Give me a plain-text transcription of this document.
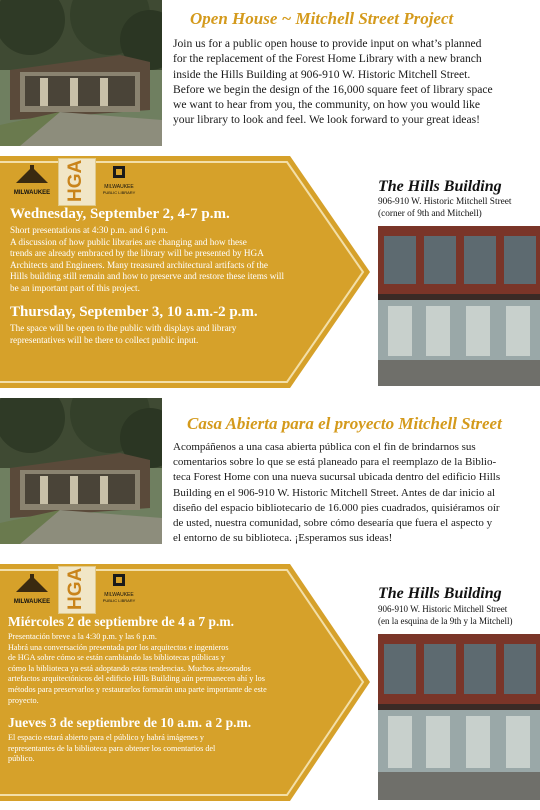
Open House ~ Mitchell Street Project
Join us for a public open house to provide input on what’s planned
for the replacement of the Forest Home Library with a new branch
inside the Hills Building at 906-910 W. Historic Mitchell Street.
Before we begin the design of the 16,000 square feet of library space
we want to hear from you, the community, on how you would like
your library to look and feel. We look forward to your great ideas!
MILWAUKEE HGA	MILWAUKEE
PUBLIC LIBRARY
Wednesday, September 2, 4-7 p.m.
Short presentations at 4:30 p.m. and 6 p.m.
A discussion of how public libraries are changing and how these
trends are already embraced by the library will be presented by HGA
Architects and Engineers. Many treasured architectural artifacts of the
Hills building still remain and how to preserve and restore these items will
be an important part of this project.
Thursday, September 3, 10 a.m.-2 p.m.
The space will be open to the public with displays and library
representatives will be there to collect public input.
The Hills Building
906-910 W. Historic Mitchell Street
(corner of 9th and Mitchell)
Casa Abierta para el proyecto Mitchell Street
Acompáñenos a una casa abierta pública con el fin de brindarnos sus
comentarios sobre lo que se está planeado para el reemplazo de la Biblio-
teca Forest Home con una nueva sucursal ubicada dentro del edificio Hills
Building en el 906-910 W. Historic Mitchell Street. Antes de dar inicio al
diseño del espacio bibliotecario de 16.000 pies cuadrados, quisiéramos oír
de usted, nuestra comunidad, sobre cómo desearía que fuera el aspecto y
el entorno de su biblioteca. ¡Esperamos sus ideas!
MILWAUKEE HGA	MILWAUKEE
PUBLIC LIBRARY
Miércoles 2 de septiembre de 4 a 7 p.m.
Presentación breve a la 4:30 p.m. y las 6 p.m.
Habrá una conversación presentada por los arquitectos e ingenieros
de HGA sobre cómo se están cambiando las bibliotecas públicas y
cómo la biblioteca ya está adoptando estas tendencias. Muchos atesorados
artefactos arquitectónicos del edificio Hills Building aún permanecen ahí y los
métodos para preservarlos y restaurarlos formarán una parte importante de este
proyecto.
Jueves 3 de septiembre de 10 a.m. a 2 p.m.
El espacio estará abierto para el público y habrá imágenes y
representantes de la biblioteca para obtener los comentarios del
público.
The Hills Building
906-910 W. Historic Mitchell Street
(en la esquina de la 9th y la Mitchell)
